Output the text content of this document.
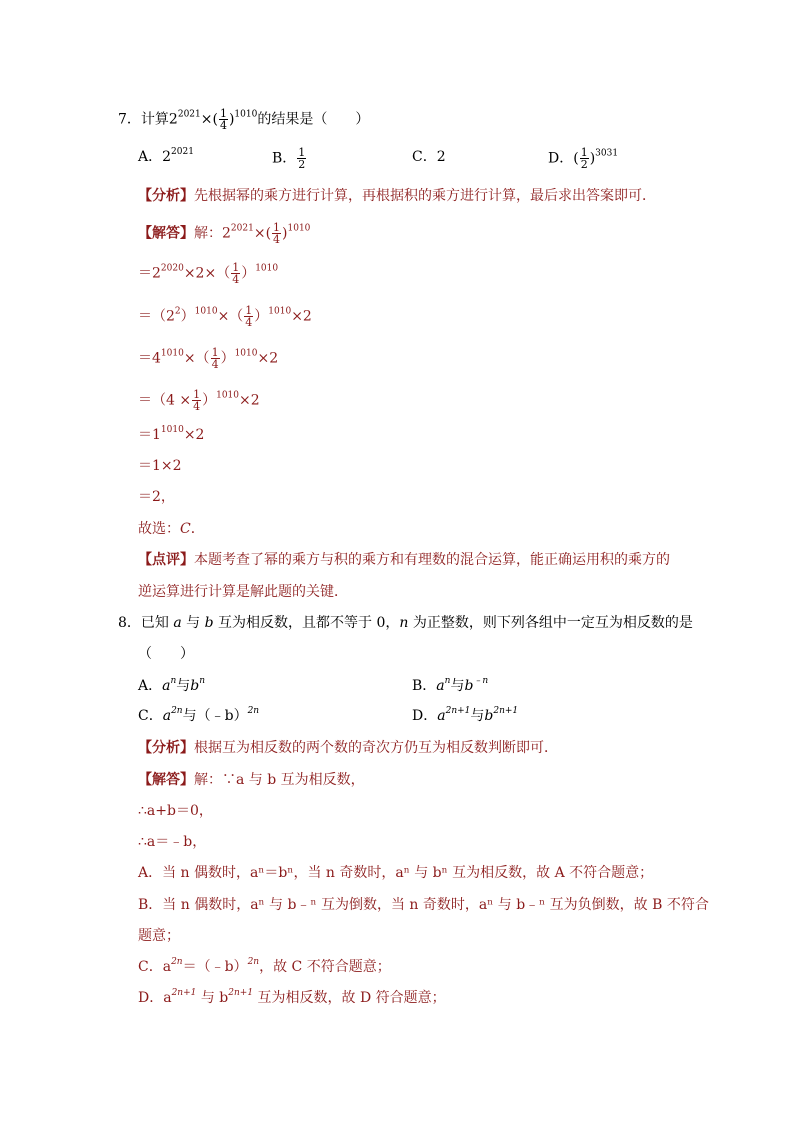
7．计算$2^{2021}\times( \frac{1}{4} )^{1010}$的结果是（　　）
A．$2^{2021}$	B． $\frac{1}{2}$	C．2	D．( $\frac{1}{2} )^{3031}$
【分析】先根据幂的乘方进行计算，再根据积的乘方进行计算，最后求出答案即可．
【解答】解：$2^{2021}\times( \frac{1}{4} )^{1010}$
$=2^{2020}\times 2\times( \frac{1}{4} )^{1010}$
$=(2^2)^{1010}\times( \frac{1}{4} )^{1010}\times 2$
$=4^{1010}\times( \frac{1}{4} )^{1010}\times 2$
$=(4 \times \frac{1}{4} )^{1010}\times 2$
$=1^{1010}\times 2$
＝1×2
＝2，
故选：C．
【点评】本题考查了幂的乘方与积的乘方和有理数的混合运算，能正确运用积的乘方的
逆运算进行计算是解此题的关键．
8．已知 a 与 b 互为相反数，且都不等于 0，n 为正整数，则下列各组中一定互为相反数的是
（　　）
A．$a^n$与$b^n$	B．$a^n$与$b^{﹣n}$
C．$a^{2n}$与（﹣b）$^{2n}$	D．$a^{2n+1}$与$b^{2n+1}$
【分析】根据互为相反数的两个数的奇次方仍互为相反数判断即可．
【解答】解：∵a 与 b 互为相反数，
∴a+b＝0，
∴a＝﹣b，
A．当 n 偶数时，aⁿ＝bⁿ，当 n 奇数时，aⁿ 与 bⁿ 互为相反数，故 A 不符合题意；
B．当 n 偶数时，aⁿ 与 b﹣ⁿ 互为倒数，当 n 奇数时，aⁿ 与 b﹣ⁿ 互为负倒数，故 B 不符合
题意；
C．$a^{2n}=(﹣b)^{2n}$，故 C 不符合题意；
D．$a^{2n+1}$ 与 $b^{2n+1}$ 互为相反数，故 D 符合题意；
